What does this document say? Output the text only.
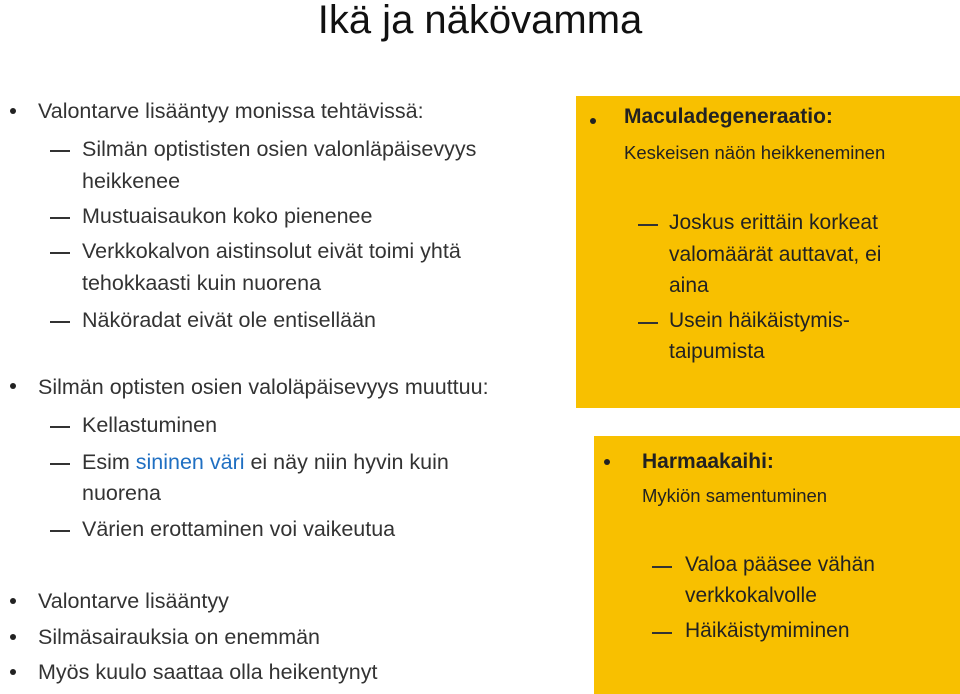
Ikä ja näkövamma
Valontarve lisääntyy monissa tehtävissä:
Silmän optististen osien valonläpäisevyys
heikkenee
Mustuaisaukon koko pienenee
Verkkokalvon aistinsolut eivät toimi yhtä
tehokkaasti kuin nuorena
Näköradat eivät ole entisellään
Silmän optisten osien valoläpäisevyys muuttuu:
Kellastuminen
Esim sininen väri ei näy niin hyvin kuin
nuorena
Värien erottaminen voi vaikeutua
Valontarve lisääntyy
Silmäsairauksia on enemmän
Myös kuulo saattaa olla heikentynyt
Maculadegeneraatio:
Keskeisen näön heikkeneminen
Joskus erittäin korkeat
valomäärät auttavat, ei
aina
Usein häikäistymis-
taipumista
Harmaakaihi:
Mykiön samentuminen
Valoa pääsee vähän
verkkokalvolle
Häikäistymiminen
